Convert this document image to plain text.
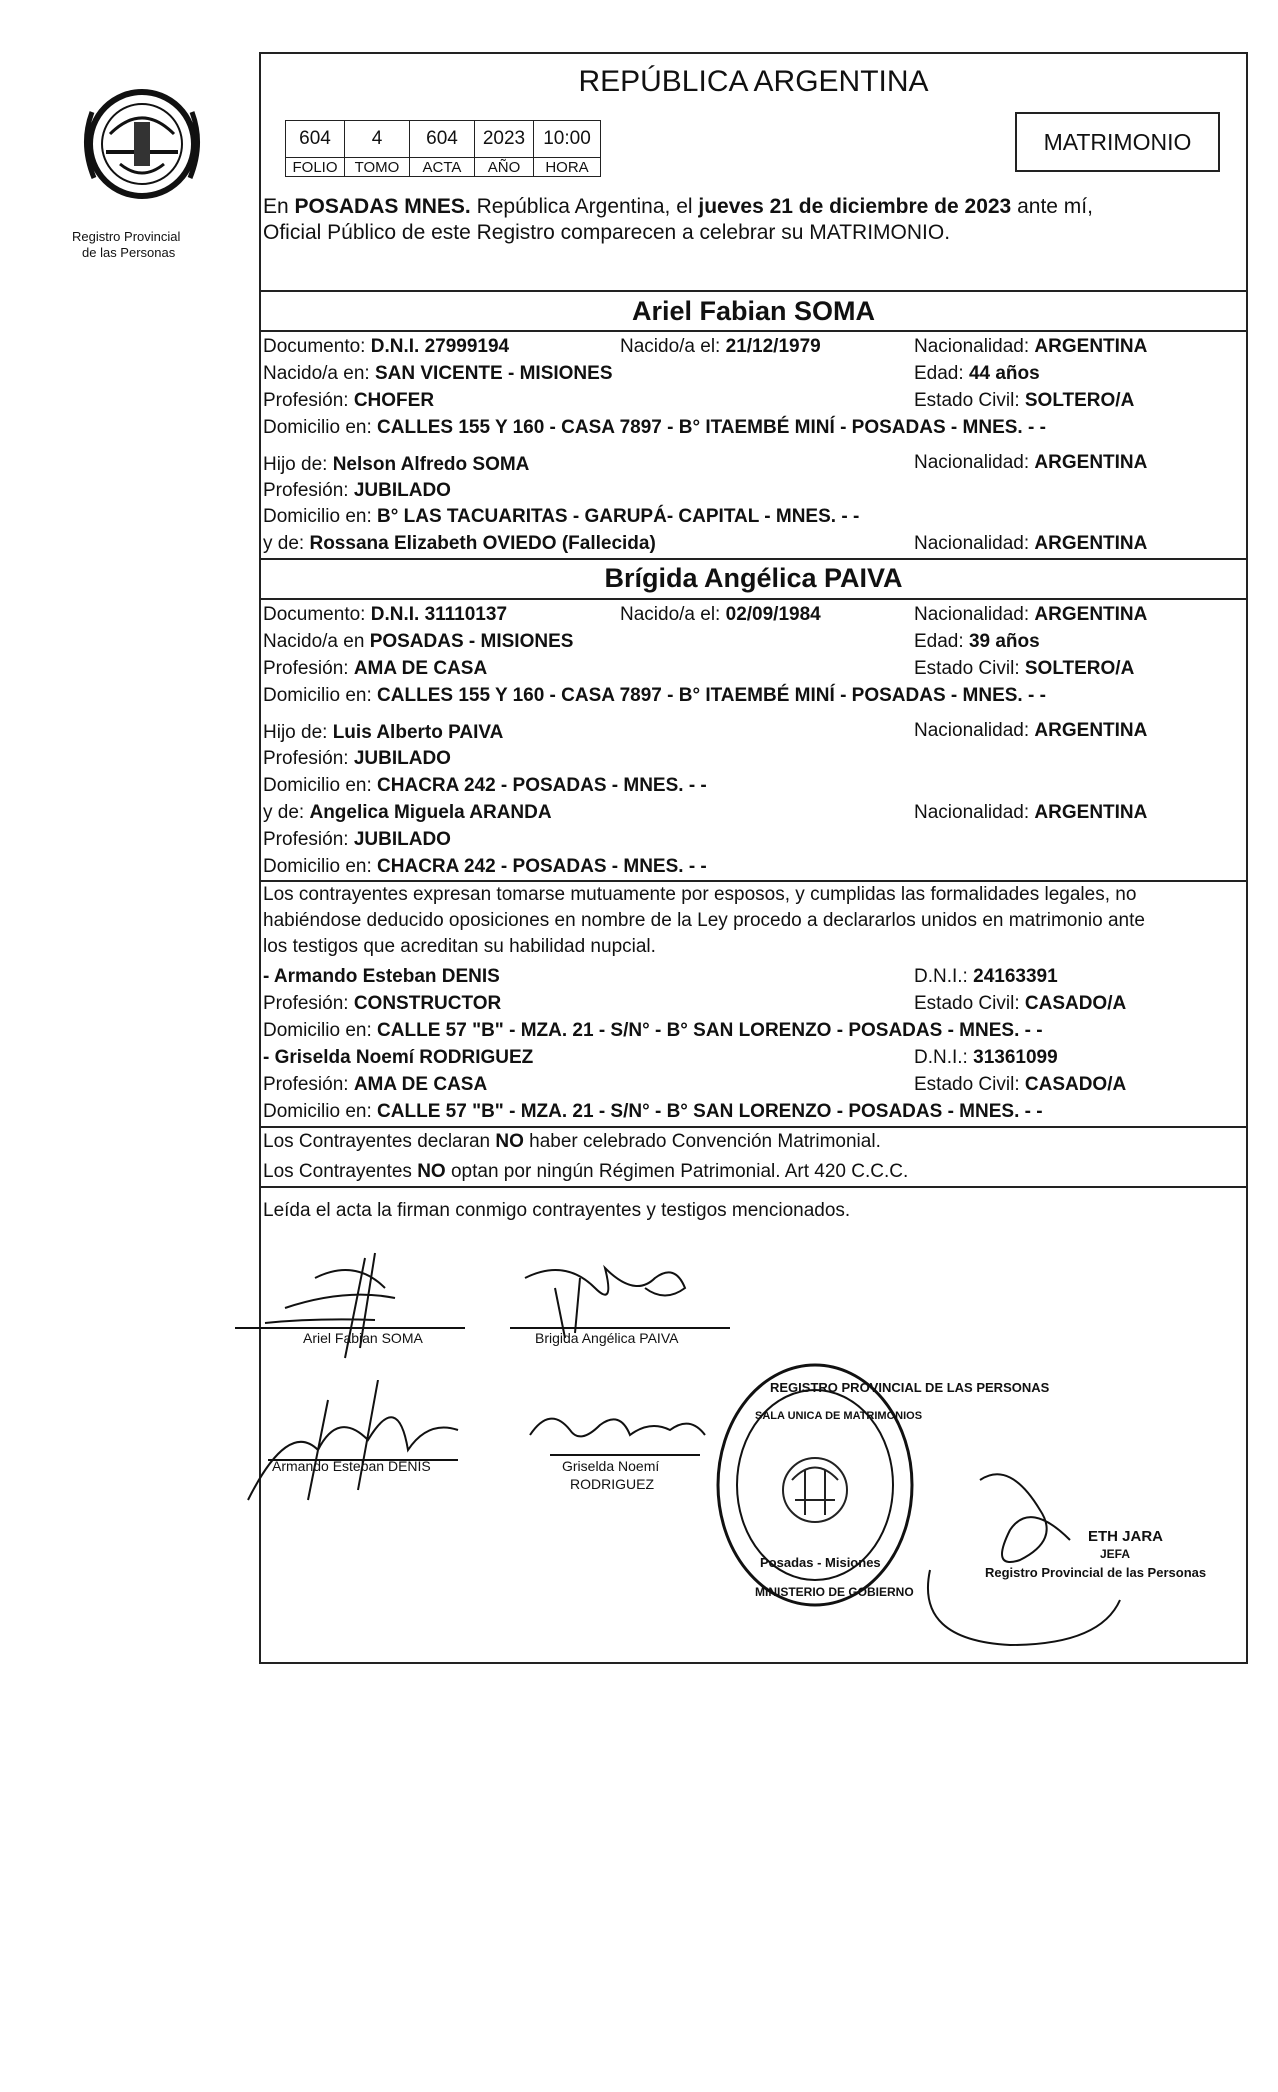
Registro Provincial
de las Personas
REPÚBLICA ARGENTINA
604	4	604	2023	10:00
FOLIO	TOMO	ACTA	AÑO	HORA
MATRIMONIO
En POSADAS MNES. República Argentina, el jueves 21 de diciembre de 2023 ante mí,
Oficial Público de este Registro comparecen a celebrar su MATRIMONIO.
Ariel Fabian SOMA
Documento: D.N.I. 27999194	Nacido/a el: 21/12/1979	Nacionalidad: ARGENTINA
Nacido/a en: SAN VICENTE - MISIONES	Edad: 44 años
Profesión: CHOFER	Estado Civil: SOLTERO/A
Domicilio en: CALLES 155 Y 160 - CASA 7897 - B° ITAEMBÉ MINÍ - POSADAS - MNES. - -
Hijo de: Nelson Alfredo SOMA	Nacionalidad: ARGENTINA
Profesión: JUBILADO
Domicilio en: B° LAS TACUARITAS - GARUPÁ- CAPITAL - MNES. - -
y de: Rossana Elizabeth OVIEDO (Fallecida)	Nacionalidad: ARGENTINA
Brígida Angélica PAIVA
Documento: D.N.I. 31110137	Nacido/a el: 02/09/1984	Nacionalidad: ARGENTINA
Nacido/a en POSADAS - MISIONES	Edad: 39 años
Profesión: AMA DE CASA	Estado Civil: SOLTERO/A
Domicilio en: CALLES 155 Y 160 - CASA 7897 - B° ITAEMBÉ MINÍ - POSADAS - MNES. - -
Hijo de: Luis Alberto PAIVA	Nacionalidad: ARGENTINA
Profesión: JUBILADO
Domicilio en: CHACRA 242 - POSADAS - MNES. - -
y de: Angelica Miguela ARANDA	Nacionalidad: ARGENTINA
Profesión: JUBILADO
Domicilio en: CHACRA 242 - POSADAS - MNES. - -
Los contrayentes expresan tomarse mutuamente por esposos, y cumplidas las formalidades legales, no
habiéndose deducido oposiciones en nombre de la Ley procedo a declararlos unidos en matrimonio ante
los testigos que acreditan su habilidad nupcial.
- Armando Esteban DENIS	D.N.I.: 24163391
Profesión: CONSTRUCTOR	Estado Civil: CASADO/A
Domicilio en: CALLE 57 "B" - MZA. 21 - S/N° - B° SAN LORENZO - POSADAS - MNES. - -
- Griselda Noemí RODRIGUEZ	D.N.I.: 31361099
Profesión: AMA DE CASA	Estado Civil: CASADO/A
Domicilio en: CALLE 57 "B" - MZA. 21 - S/N° - B° SAN LORENZO - POSADAS - MNES. - -
Los Contrayentes declaran NO haber celebrado Convención Matrimonial.
Los Contrayentes NO optan por ningún Régimen Patrimonial. Art 420 C.C.C.
Leída el acta la firman conmigo contrayentes y testigos mencionados.
Ariel Fabian SOMA	Brigida Angélica PAIVA
Armando Esteban DENIS	Griselda Noemí
RODRIGUEZ
REGISTRO PROVINCIAL DE LAS PERSONAS
SALA UNICA DE MATRIMONIOS
Posadas - Misiones
MINISTERIO DE GOBIERNO
ETH JARA
JEFA
Registro Provincial de las Personas
